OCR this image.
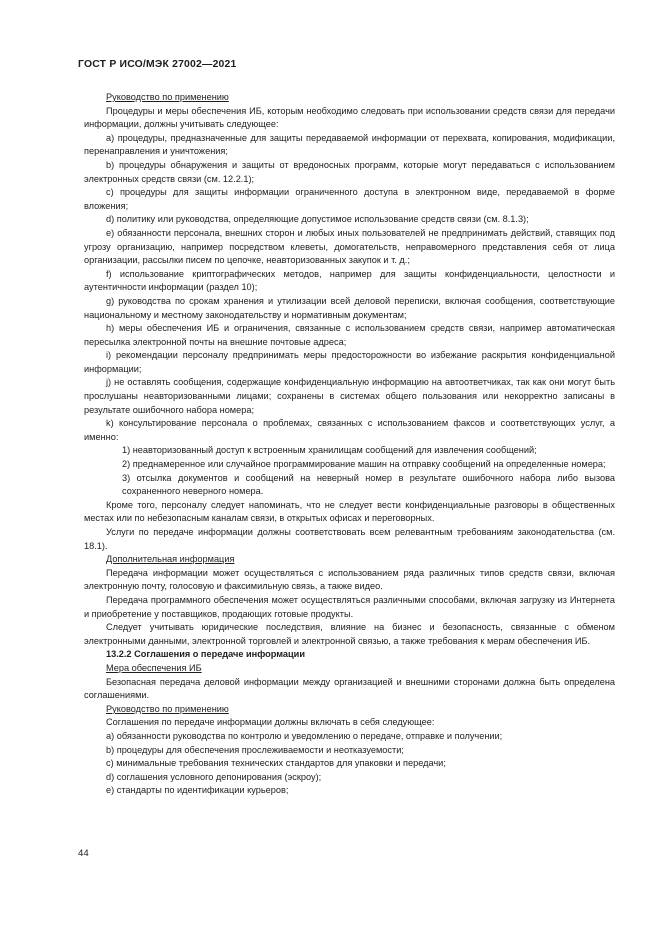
ГОСТ Р ИСО/МЭК 27002—2021

Руководство по применению

Процедуры и меры обеспечения ИБ, которым необходимо следовать при использовании средств связи для передачи информации, должны учитывать следующее:

a) процедуры, предназначенные для защиты передаваемой информации от перехвата, копирования, модификации, перенаправления и уничтожения;

b) процедуры обнаружения и защиты от вредоносных программ, которые могут передаваться с использованием электронных средств связи (см. 12.2.1);

c) процедуры для защиты информации ограниченного доступа в электронном виде, передаваемой в форме вложения;

d) политику или руководства, определяющие допустимое использование средств связи (см. 8.1.3);

e) обязанности персонала, внешних сторон и любых иных пользователей не предпринимать действий, ставящих под угрозу организацию, например посредством клеветы, домогательств, неправомерного представления себя от лица организации, рассылки писем по цепочке, неавторизованных закупок и т. д.;

f) использование криптографических методов, например для защиты конфиденциальности, целостности и аутентичности информации (раздел 10);

g) руководства по срокам хранения и утилизации всей деловой переписки, включая сообщения, соответствующие национальному и местному законодательству и нормативным документам;

h) меры обеспечения ИБ и ограничения, связанные с использованием средств связи, например автоматическая пересылка электронной почты на внешние почтовые адреса;

i) рекомендации персоналу предпринимать меры предосторожности во избежание раскрытия конфиденциальной информации;

j) не оставлять сообщения, содержащие конфиденциальную информацию на автоответчиках, так как они могут быть прослушаны неавторизованными лицами; сохранены в системах общего пользования или некорректно записаны в результате ошибочного набора номера;

k) консультирование персонала о проблемах, связанных с использованием факсов и соответствующих услуг, а именно:

1) неавторизованный доступ к встроенным хранилищам сообщений для извлечения сообщений;

2) преднамеренное или случайное программирование машин на отправку сообщений на определенные номера;

3) отсылка документов и сообщений на неверный номер в результате ошибочного набора либо вызова сохраненного неверного номера.

Кроме того, персоналу следует напоминать, что не следует вести конфиденциальные разговоры в общественных местах или по небезопасным каналам связи, в открытых офисах и переговорных.

Услуги по передаче информации должны соответствовать всем релевантным требованиям законодательства (см. 18.1).

Дополнительная информация

Передача информации может осуществляться с использованием ряда различных типов средств связи, включая электронную почту, голосовую и факсимильную связь, а также видео.

Передача программного обеспечения может осуществляться различными способами, включая загрузку из Интернета и приобретение у поставщиков, продающих готовые продукты.

Следует учитывать юридические последствия, влияние на бизнес и безопасность, связанные с обменом электронными данными, электронной торговлей и электронной связью, а также требования к мерам обеспечения ИБ.

13.2.2 Соглашения о передаче информации

Мера обеспечения ИБ

Безопасная передача деловой информации между организацией и внешними сторонами должна быть определена соглашениями.

Руководство по применению

Соглашения по передаче информации должны включать в себя следующее:

a) обязанности руководства по контролю и уведомлению о передаче, отправке и получении;

b) процедуры для обеспечения прослеживаемости и неотказуемости;

c) минимальные требования технических стандартов для упаковки и передачи;

d) соглашения условного депонирования (эскроу);

e) стандарты по идентификации курьеров;

44
